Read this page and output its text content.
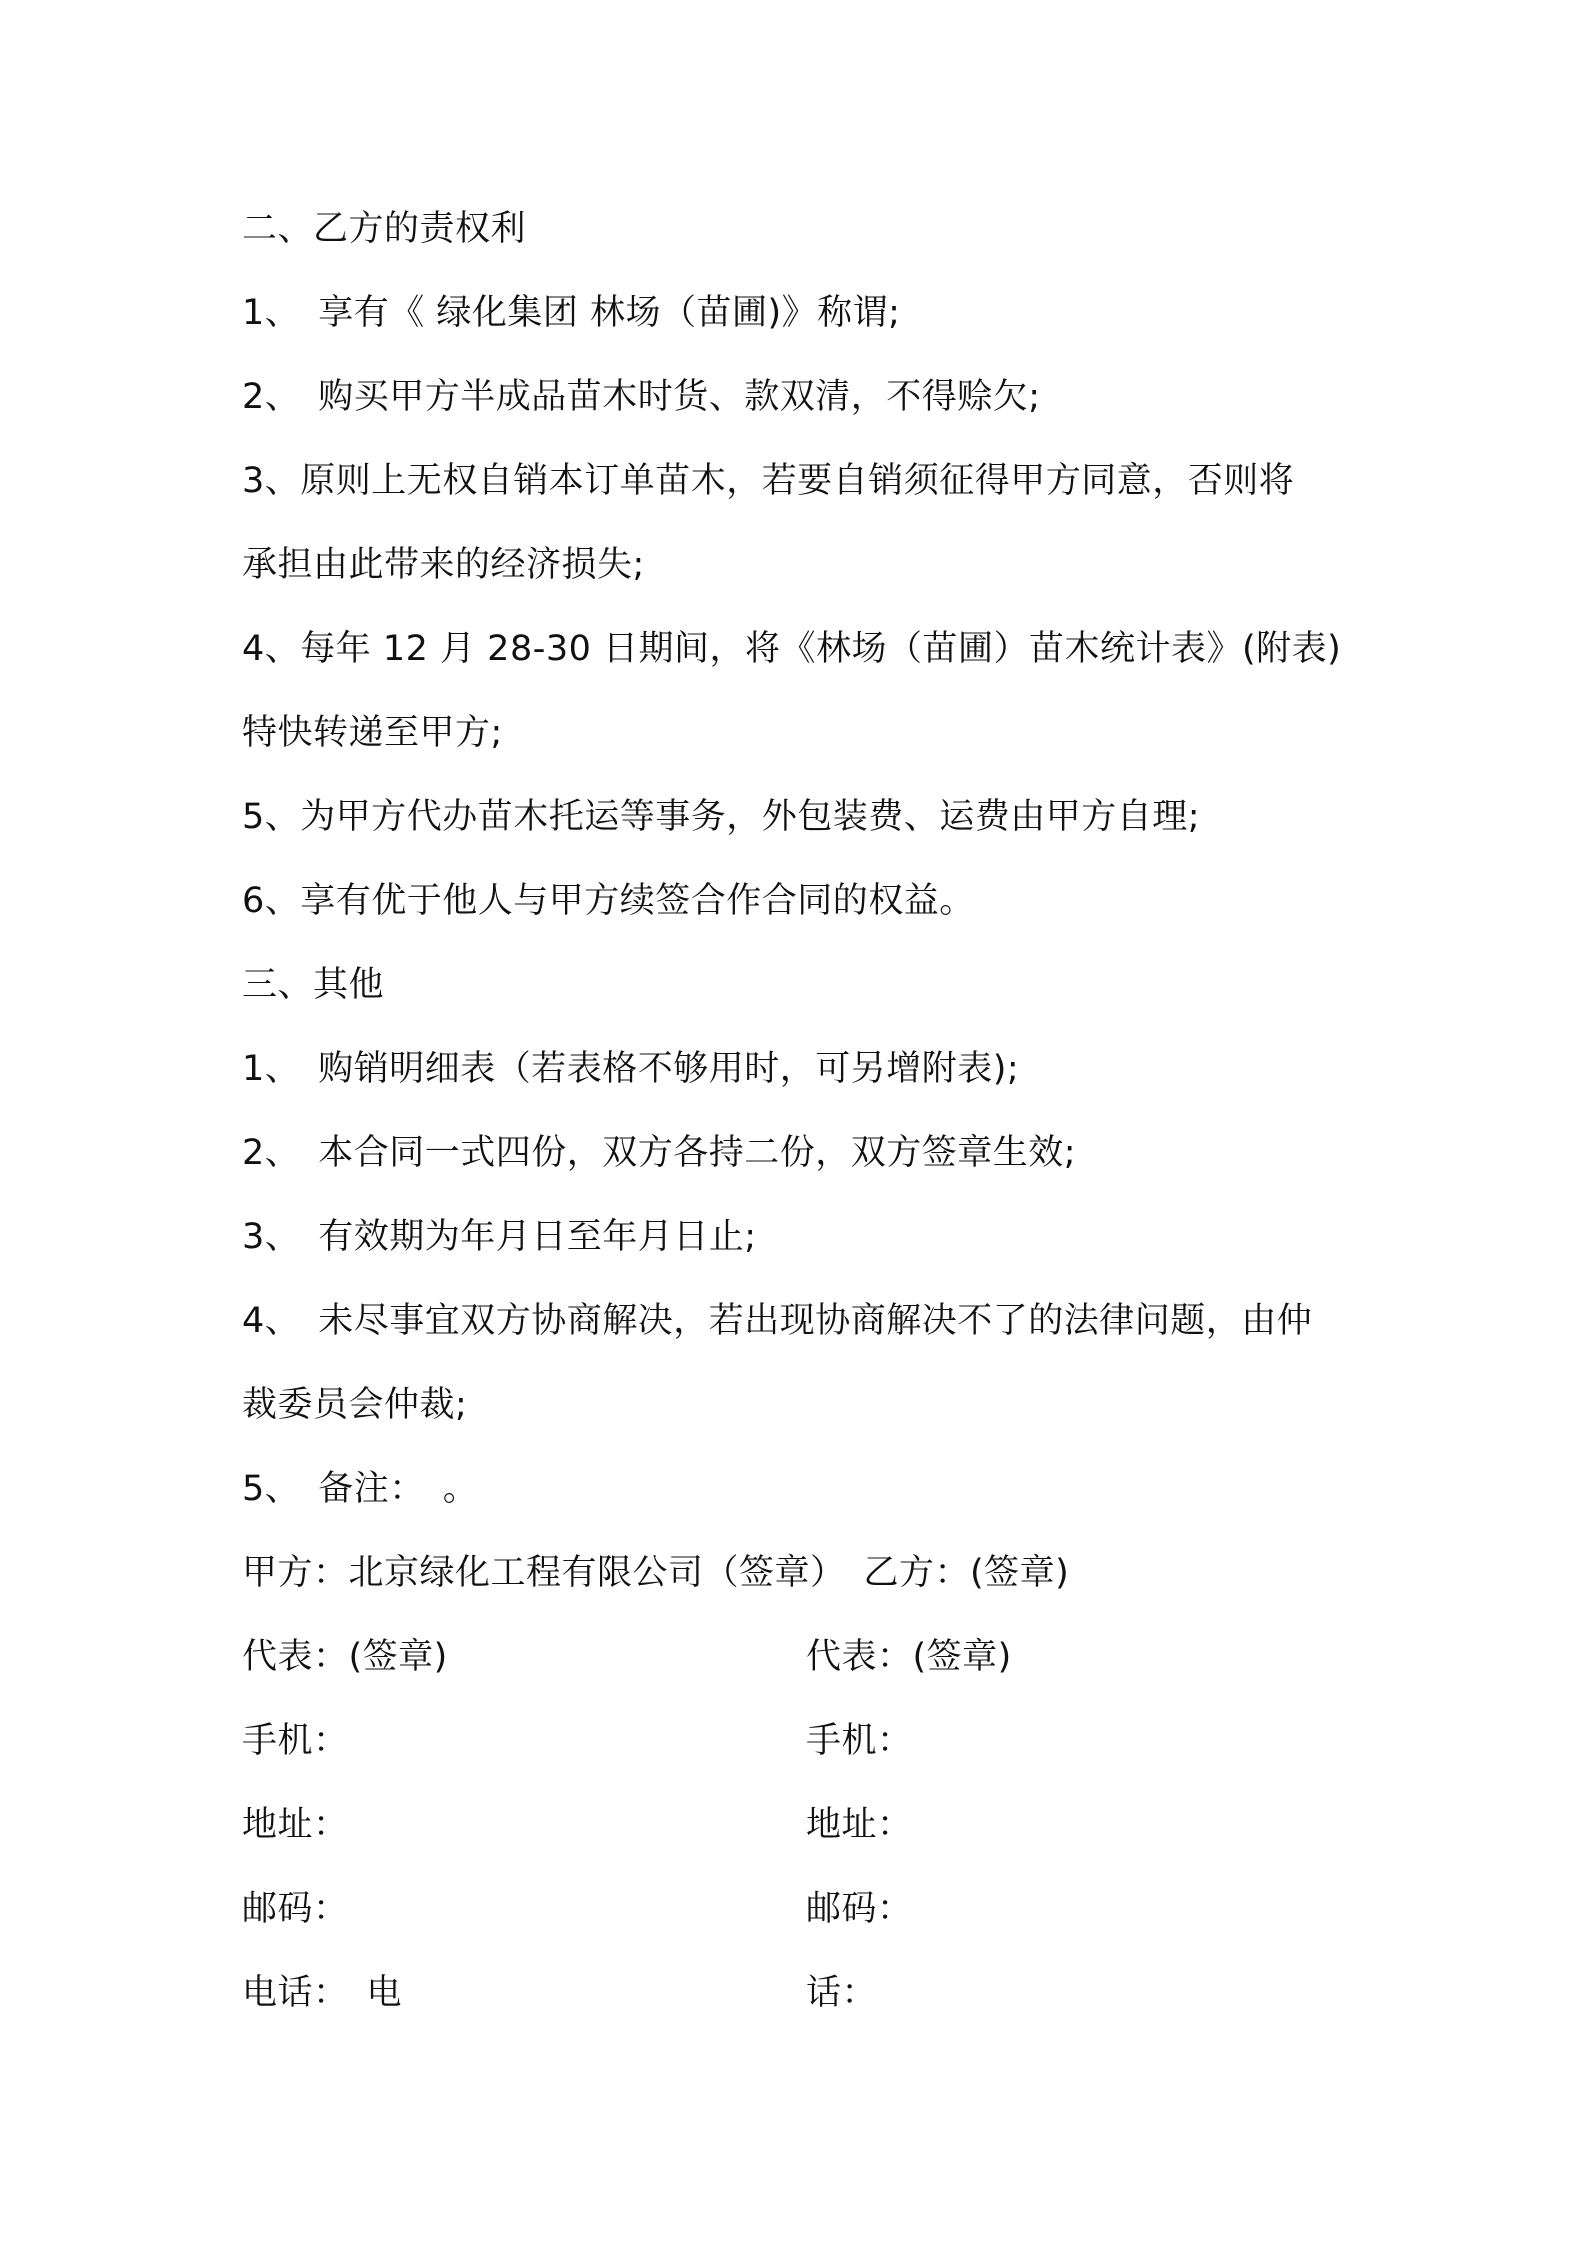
二、乙方的责权利
1、　享有《 绿化集团 林场（苗圃)》称谓;
2、　购买甲方半成品苗木时货、款双清，不得赊欠;
3、原则上无权自销本订单苗木，若要自销须征得甲方同意，否则将
承担由此带来的经济损失;
4、每年 12 月 28-30 日期间，将《林场（苗圃）苗木统计表》(附表)
特快转递至甲方;
5、为甲方代办苗木托运等事务，外包装费、运费由甲方自理;
6、享有优于他人与甲方续签合作合同的权益。
三、其他
1、　购销明细表（若表格不够用时，可另增附表);
2、　本合同一式四份，双方各持二份，双方签章生效;
3、　有效期为年月日至年月日止;
4、　未尽事宜双方协商解决，若出现协商解决不了的法律问题，由仲
裁委员会仲裁;
5、　备注：　。
甲方：北京绿化工程有限公司（签章）　乙方：(签章)
代表：(签章)	代表：(签章)
手机：	手机：
地址：	地址：
邮码：	邮码：
电话：　电	话：
